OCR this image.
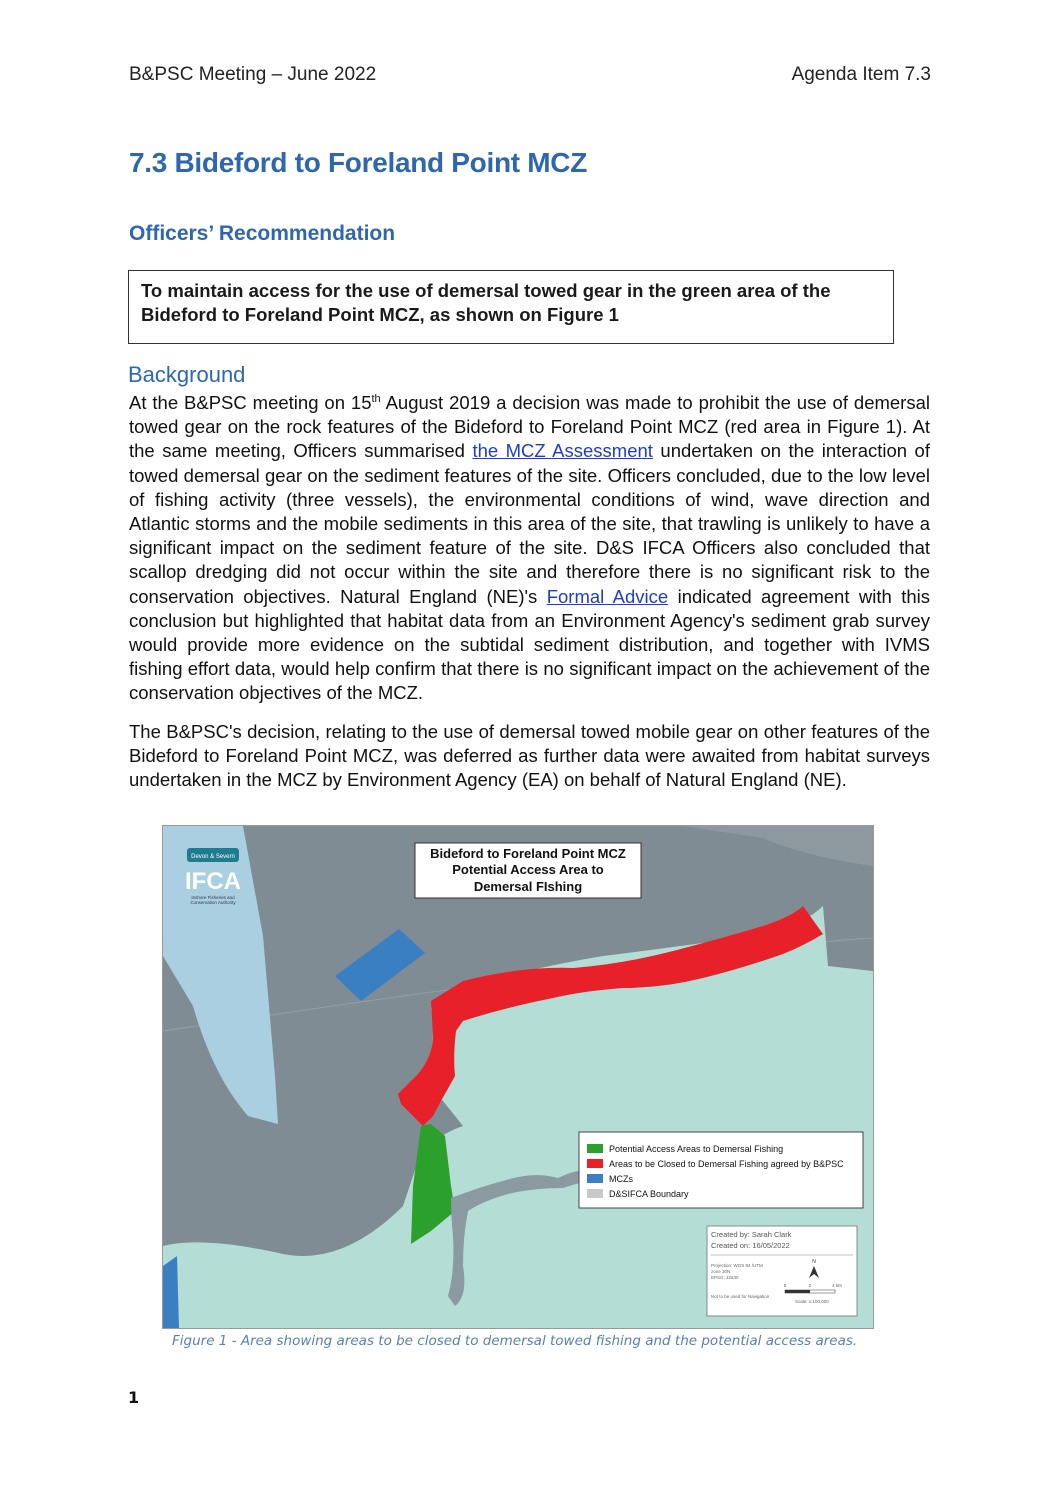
B&PSC Meeting – June 2022	Agenda Item 7.3
7.3 Bideford to Foreland Point MCZ
Officers’ Recommendation
To maintain access for the use of demersal towed gear in the green area of the Bideford to Foreland Point MCZ, as shown on Figure 1
Background

At the B&PSC meeting on 15th August 2019 a decision was made to prohibit the use of demersal towed gear on the rock features of the Bideford to Foreland Point MCZ (red area in Figure 1). At the same meeting, Officers summarised the MCZ Assessment undertaken on the interaction of towed demersal gear on the sediment features of the site. Officers concluded, due to the low level of fishing activity (three vessels), the environmental conditions of wind, wave direction and Atlantic storms and the mobile sediments in this area of the site, that trawling is unlikely to have a significant impact on the sediment feature of the site. D&S IFCA Officers also concluded that scallop dredging did not occur within the site and therefore there is no significant risk to the conservation objectives. Natural England (NE)'s Formal Advice indicated agreement with this conclusion but highlighted that habitat data from an Environment Agency's sediment grab survey would provide more evidence on the subtidal sediment distribution, and together with IVMS fishing effort data, would help confirm that there is no significant impact on the achievement of the conservation objectives of the MCZ.

The B&PSC's decision, relating to the use of demersal towed mobile gear on other features of the Bideford to Foreland Point MCZ, was deferred as further data were awaited from habitat surveys undertaken in the MCZ by Environment Agency (EA) on behalf of Natural England (NE).

Devon & Severn
IFCA
Inshore Fisheries and
Conservation Authority
Bideford to Foreland Point MCZ
Potential Access Area to
Demersal FIshing
Potential Access Areas to Demersal Fishing
Areas to be Closed to Demersal Fishing agreed by B&PSC
MCZs
D&SIFCA Boundary
Created by: Sarah Clark
Created on: 16/05/2022
Projection: WGS 84 /UTM
zone 30N
EPSG: 32630
Not to be used for Navigation
Scale: 1:100,000
N
0	2	4 km
Figure 1 - Area showing areas to be closed to demersal towed fishing and the potential access areas.
1
